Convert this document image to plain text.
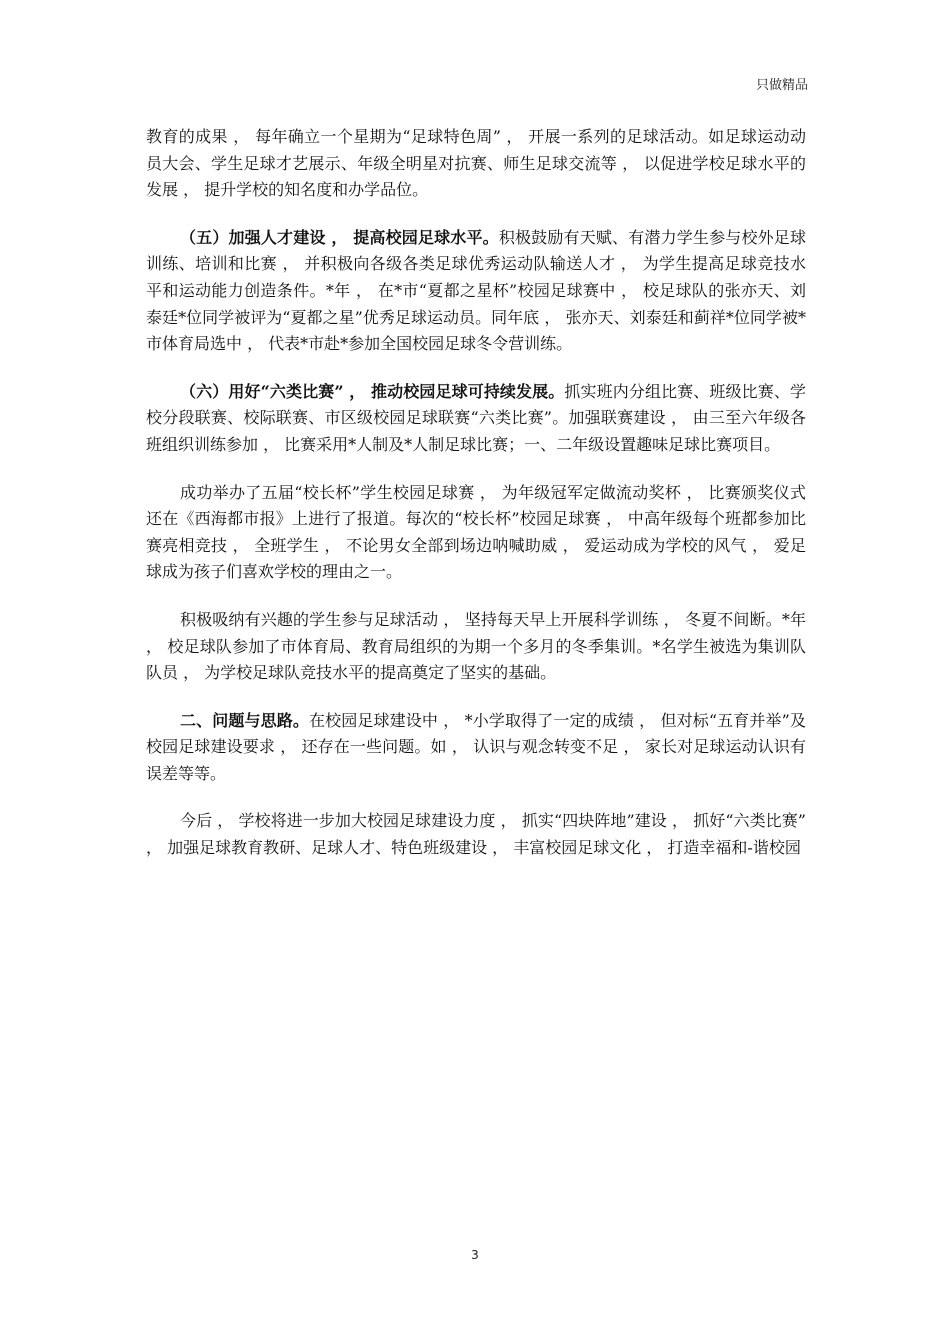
只做精品

教育的成果 ， 每年确立一个星期为“足球特色周” ， 开展一系列的足球活动。如足球运动动员大会、学生足球才艺展示、年级全明星对抗赛、师生足球交流等 ， 以促进学校足球水平的发展 ， 提升学校的知名度和办学品位。

（五）加强人才建设 ， 提高校园足球水平。积极鼓励有天赋、有潜力学生参与校外足球训练、培训和比赛 ， 并积极向各级各类足球优秀运动队输送人才 ， 为学生提高足球竞技水平和运动能力创造条件。*年 ， 在*市“夏都之星杯”校园足球赛中 ， 校足球队的张亦天、刘泰廷*位同学被评为“夏都之星”优秀足球运动员。同年底 ， 张亦天、刘泰廷和蓟祥*位同学被*市体育局选中 ， 代表*市赴*参加全国校园足球冬令营训练。

（六）用好“六类比赛” ， 推动校园足球可持续发展。抓实班内分组比赛、班级比赛、学校分段联赛、校际联赛、市区级校园足球联赛“六类比赛”。加强联赛建设 ， 由三至六年级各班组织训练参加 ， 比赛采用*人制及*人制足球比赛；一、二年级设置趣味足球比赛项目。

成功举办了五届“校长杯”学生校园足球赛 ， 为年级冠军定做流动奖杯 ， 比赛颁奖仪式还在《西海都市报》上进行了报道。每次的“校长杯”校园足球赛 ， 中高年级每个班都参加比赛亮相竞技 ， 全班学生 ， 不论男女全部到场边呐喊助威 ， 爱运动成为学校的风气 ， 爱足球成为孩子们喜欢学校的理由之一。

积极吸纳有兴趣的学生参与足球活动 ， 坚持每天早上开展科学训练 ， 冬夏不间断。*年 ， 校足球队参加了市体育局、教育局组织的为期一个多月的冬季集训。*名学生被选为集训队队员 ， 为学校足球队竞技水平的提高奠定了坚实的基础。

二、问题与思路。在校园足球建设中 ， *小学取得了一定的成绩 ， 但对标“五育并举”及校园足球建设要求 ， 还存在一些问题。如 ， 认识与观念转变不足 ， 家长对足球运动认识有误差等等。

今后 ， 学校将进一步加大校园足球建设力度 ， 抓实“四块阵地”建设 ， 抓好“六类比赛” ， 加强足球教育教研、足球人才、特色班级建设 ， 丰富校园足球文化 ， 打造幸福和-谐校园

3
